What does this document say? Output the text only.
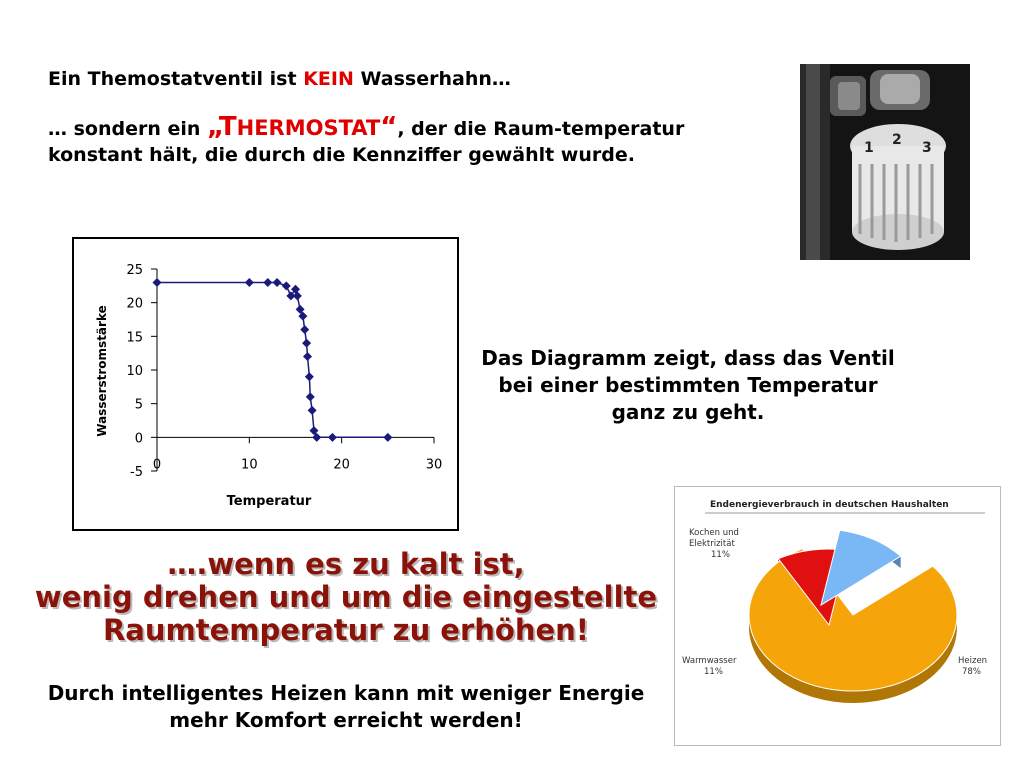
Ein Themostatventil ist KEIN Wasserhahn…

… sondern ein „THERMOSTAT“, der die Raum-temperatur konstant hält, die durch die Kennziffer gewählt wurde.	1 2 3
25
20
15
10
5
0
-5
0	10	20	30
Temperatur
Wasserstromstärke	Das Diagramm zeigt, dass das Ventil bei einer bestimmten Temperatur ganz zu geht.
Endenergieverbrauch in deutschen Haushalten
Heizen
78%
Warmwasser
11%
Kochen und
Elektrizität
11%

….wenn es zu kalt ist,

wenig drehen und um die eingestellte

Raumtemperatur zu erhöhen!

Durch intelligentes Heizen kann mit weniger Energie mehr Komfort erreicht werden!
